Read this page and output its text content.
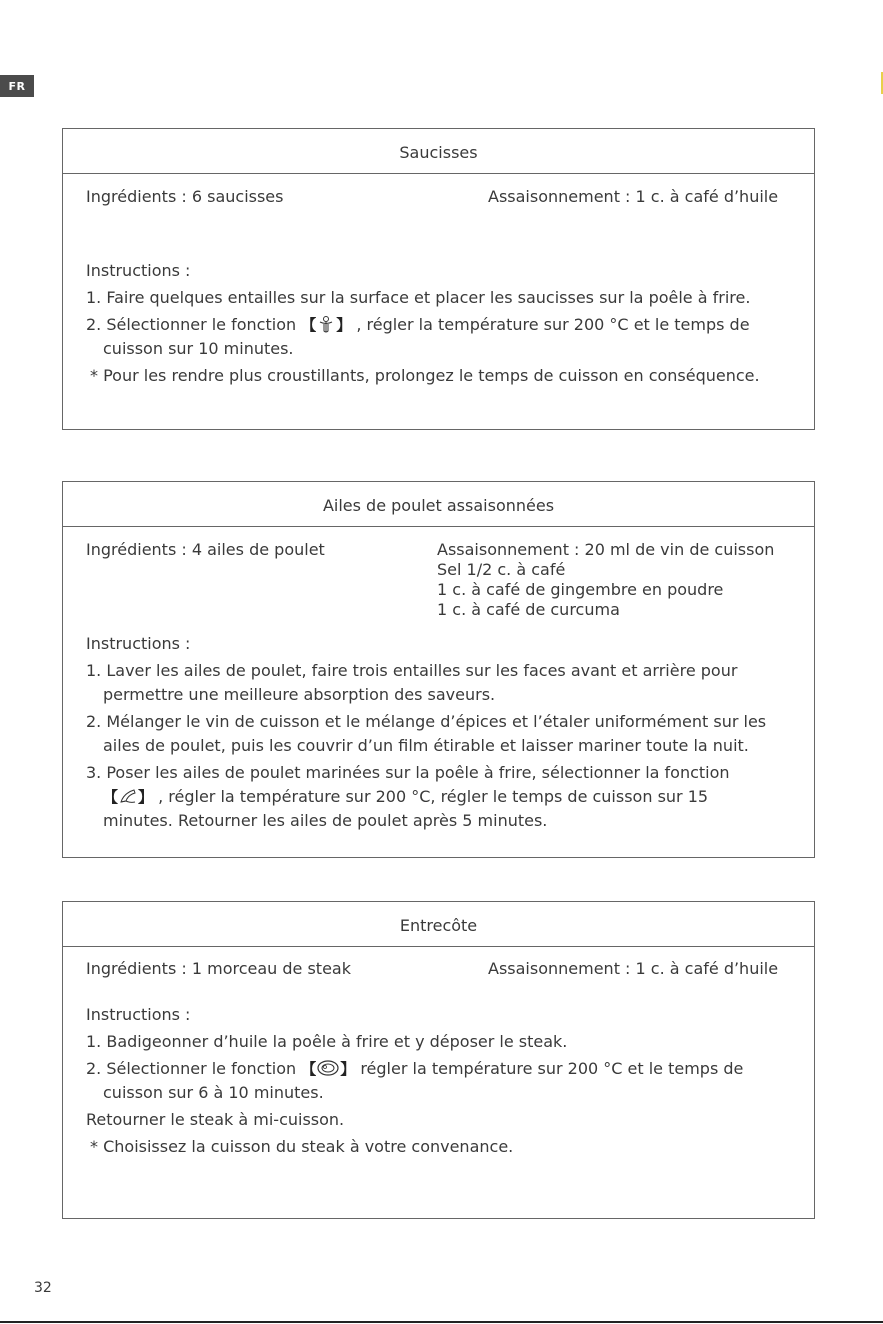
FR
Saucisses
Ingrédients : 6 saucisses	Assaisonnement : 1 c. à café d’huile
Instructions :
1. Faire quelques entailles sur la surface et placer les saucisses sur la poêle à frire.
2. Sélectionner le fonction 【 】 , régler la température sur 200 °C et le temps de
cuisson sur 10 minutes.
* Pour les rendre plus croustillants, prolongez le temps de cuisson en conséquence.
Ailes de poulet assaisonnées
Ingrédients : 4 ailes de poulet	Assaisonnement : 20 ml de vin de cuisson
Sel 1/2 c. à café
1 c. à café de gingembre en poudre
1 c. à café de curcuma
Instructions :
1. Laver les ailes de poulet, faire trois entailles sur les faces avant et arrière pour
permettre une meilleure absorption des saveurs.
2. Mélanger le vin de cuisson et le mélange d’épices et l’étaler uniformément sur les
ailes de poulet, puis les couvrir d’un film étirable et laisser mariner toute la nuit.
3. Poser les ailes de poulet marinées sur la poêle à frire, sélectionner la fonction
【 】 , régler la température sur 200 °C, régler le temps de cuisson sur 15
minutes. Retourner les ailes de poulet après 5 minutes.
Entrecôte
Ingrédients : 1 morceau de steak	Assaisonnement : 1 c. à café d’huile
Instructions :
1. Badigeonner d’huile la poêle à frire et y déposer le steak.
2. Sélectionner le fonction 【 】 régler la température sur 200 °C et le temps de
cuisson sur 6 à 10 minutes.
Retourner le steak à mi-cuisson.
* Choisissez la cuisson du steak à votre convenance.
32
